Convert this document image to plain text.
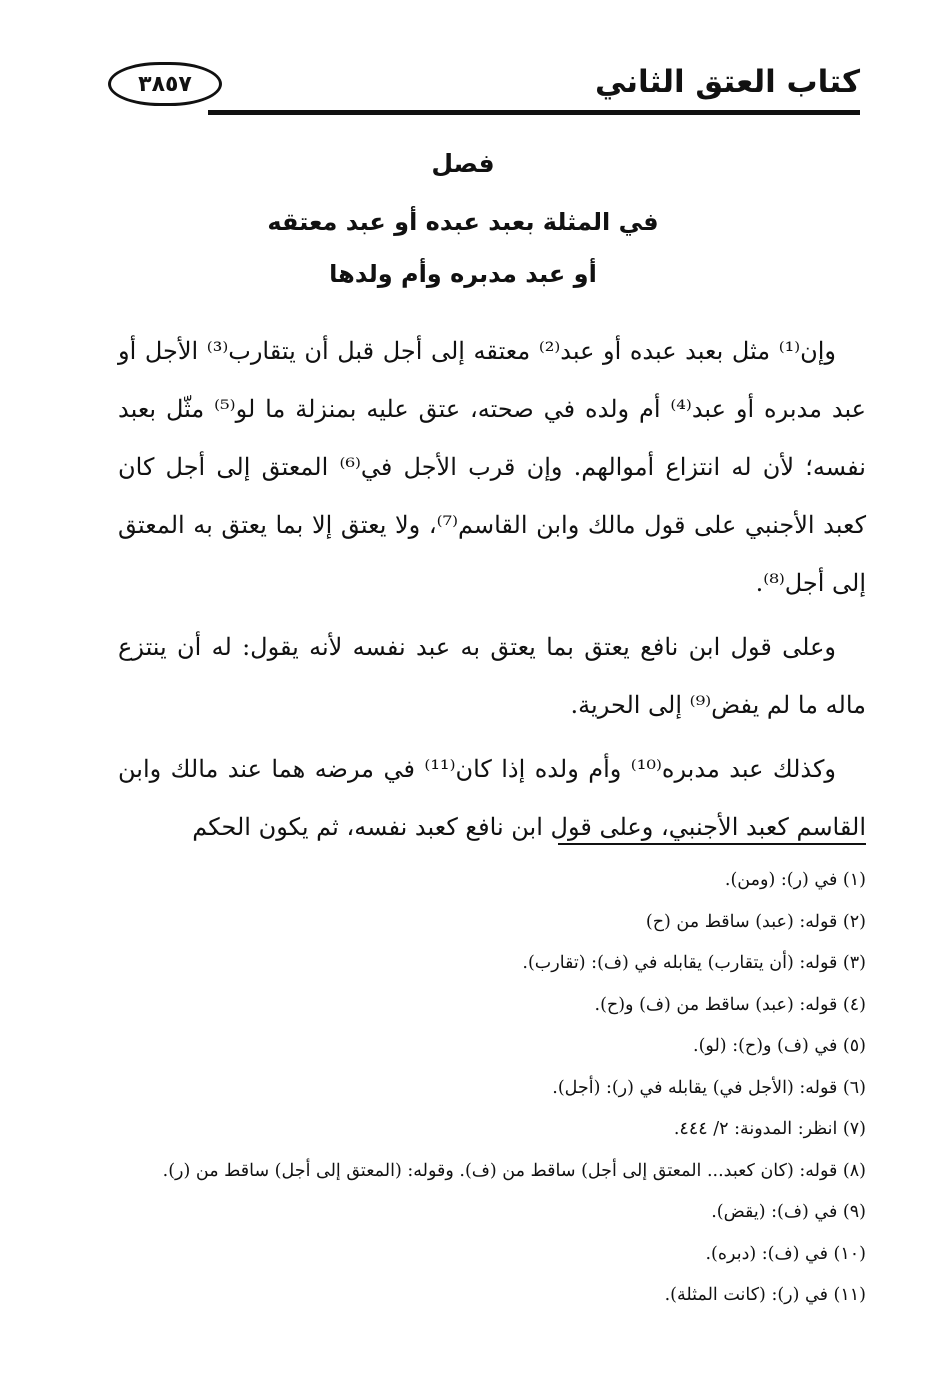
كتاب العتق الثاني
٣٨٥٧
فصل
في المثلة بعبد عبده أو عبد معتقه
أو عبد مدبره وأم ولدها

وإن⁽¹⁾ مثل بعبد عبده أو عبد⁽²⁾ معتقه إلى أجل قبل أن يتقارب⁽³⁾ الأجل أو عبد مدبره أو عبد⁽⁴⁾ أم ولده في صحته، عتق عليه بمنزلة ما لو⁽⁵⁾ مثّل بعبد نفسه؛ لأن له انتزاع أموالهم. وإن قرب الأجل في⁽⁶⁾ المعتق إلى أجل كان كعبد الأجنبي على قول مالك وابن القاسم⁽⁷⁾، ولا يعتق إلا بما يعتق به المعتق إلى أجل⁽⁸⁾.

وعلى قول ابن نافع يعتق بما يعتق به عبد نفسه لأنه يقول: له أن ينتزع ماله ما لم يفض⁽⁹⁾ إلى الحرية.

وكذلك عبد مدبره⁽¹⁰⁾ وأم ولده إذا كان⁽¹¹⁾ في مرضه هما عند مالك وابن القاسم كعبد الأجنبي، وعلى قول ابن نافع كعبد نفسه، ثم يكون الحكم

(١) في (ر): (ومن).
(٢) قوله: (عبد) ساقط من (ح)
(٣) قوله: (أن يتقارب) يقابله في (ف): (تقارب).
(٤) قوله: (عبد) ساقط من (ف) و(ح).
(٥) في (ف) و(ح): (لو).
(٦) قوله: (الأجل في) يقابله في (ر): (أجل).
(٧) انظر: المدونة: ٢/ ٤٤٤.
(٨) قوله: (كان كعبد... المعتق إلى أجل) ساقط من (ف). وقوله: (المعتق إلى أجل) ساقط من (ر).
(٩) في (ف): (يقض).
(١٠) في (ف): (دبره).
(١١) في (ر): (كانت المثلة).
